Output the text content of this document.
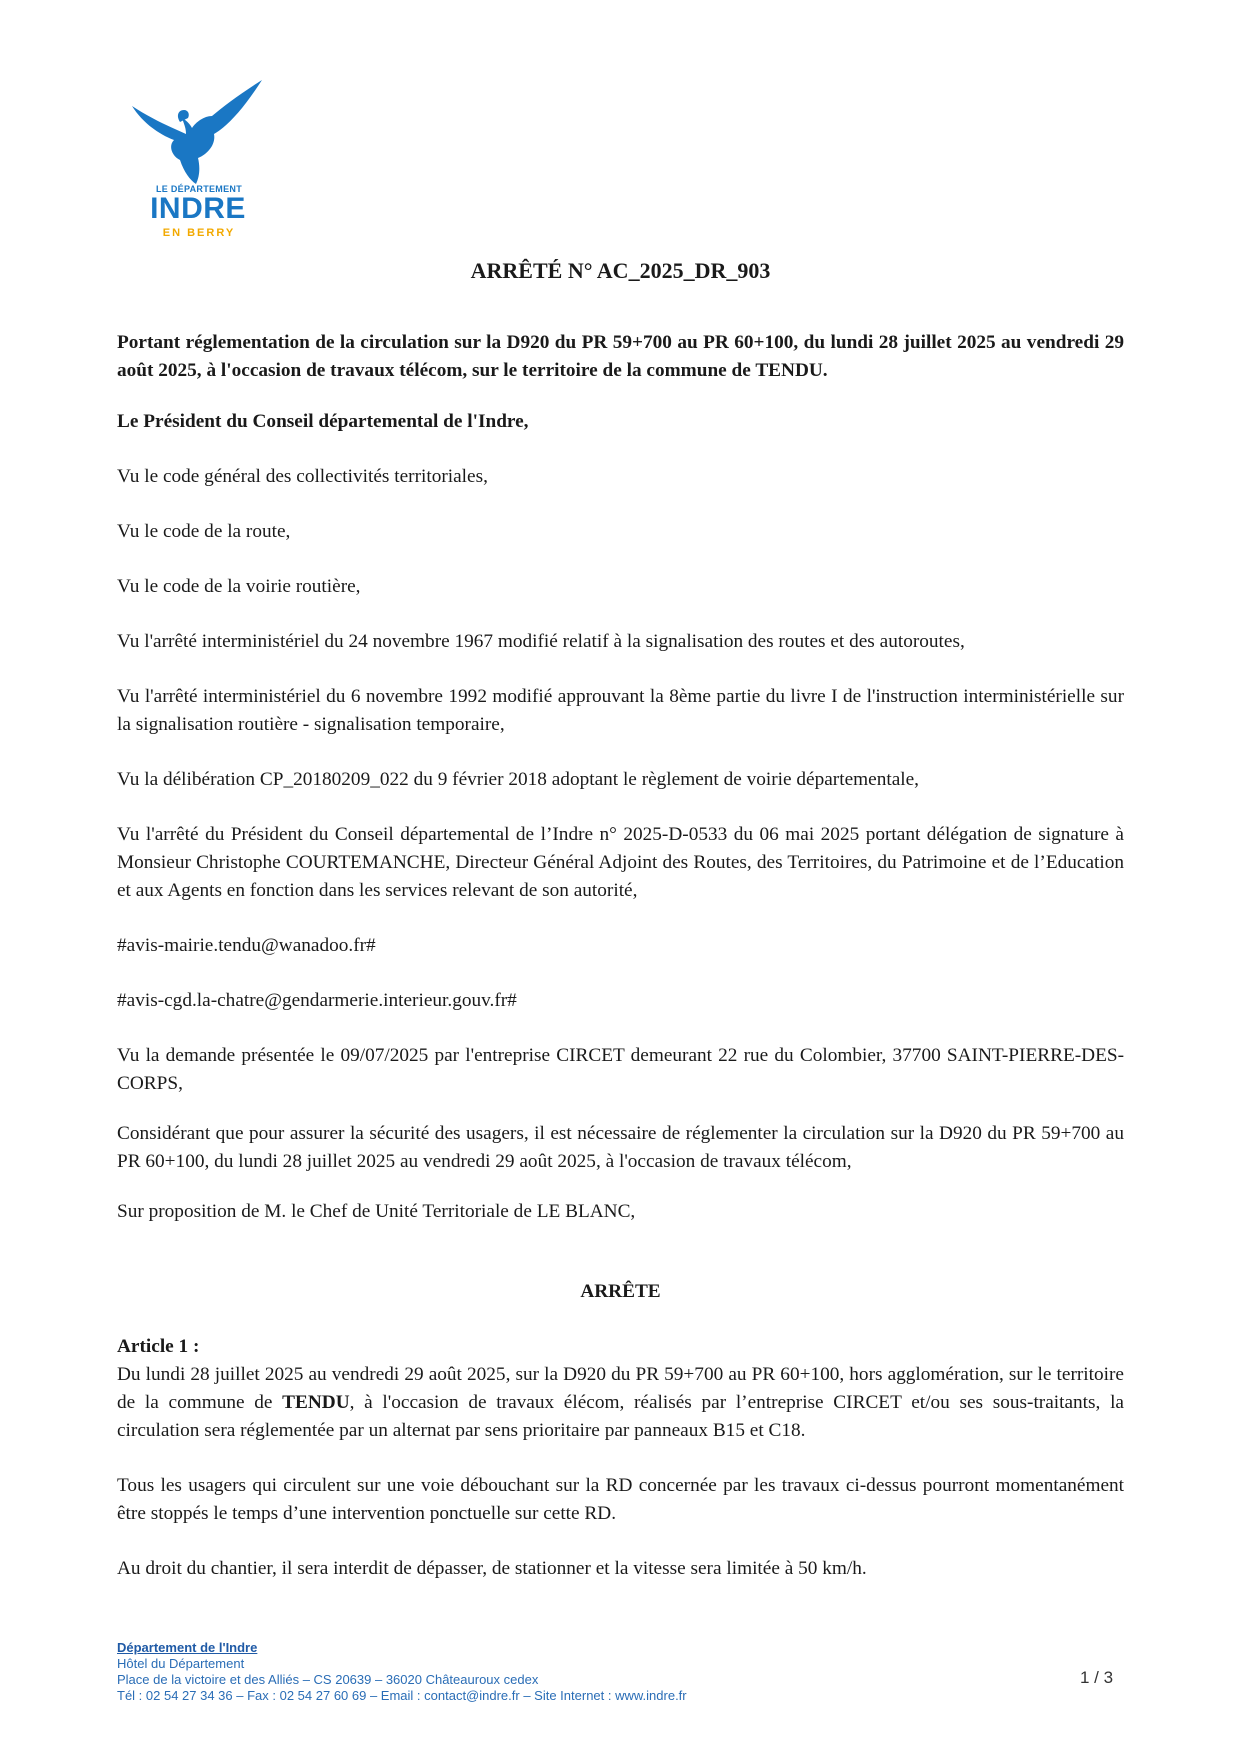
LE DÉPARTEMENT
INDRE
EN BERRY
ARRÊTÉ N° AC_2025_DR_903

Portant réglementation de la circulation sur la D920 du PR 59+700 au PR 60+100, du lundi 28 juillet 2025 au vendredi 29 août 2025, à l'occasion de travaux télécom, sur le territoire de la commune de TENDU.

Le Président du Conseil départemental de l'Indre,

Vu le code général des collectivités territoriales,

Vu le code de la route,

Vu le code de la voirie routière,

Vu l'arrêté interministériel du 24 novembre 1967 modifié relatif à la signalisation des routes et des autoroutes,

Vu l'arrêté interministériel du 6 novembre 1992 modifié approuvant la 8ème partie du livre I de l'instruction interministérielle sur la signalisation routière - signalisation temporaire,

Vu la délibération CP_20180209_022 du 9 février 2018 adoptant le règlement de voirie départementale,

Vu l'arrêté du Président du Conseil départemental de l’Indre n° 2025-D-0533 du 06 mai 2025 portant délégation de signature à Monsieur Christophe COURTEMANCHE, Directeur Général Adjoint des Routes, des Territoires, du Patrimoine et de l’Education et aux Agents en fonction dans les services relevant de son autorité,

#avis-mairie.tendu@wanadoo.fr#

#avis-cgd.la-chatre@gendarmerie.interieur.gouv.fr#

Vu la demande présentée le 09/07/2025 par l'entreprise CIRCET demeurant 22 rue du Colombier, 37700 SAINT-PIERRE-DES-CORPS,

Considérant que pour assurer la sécurité des usagers, il est nécessaire de réglementer la circulation sur la D920 du PR 59+700 au PR 60+100, du lundi 28 juillet 2025 au vendredi 29 août 2025, à l'occasion de travaux télécom,

Sur proposition de M. le Chef de Unité Territoriale de LE BLANC,

ARRÊTE

Article 1 :

Du lundi 28 juillet 2025 au vendredi 29 août 2025, sur la D920 du PR 59+700 au PR 60+100, hors agglomération, sur le territoire de la commune de TENDU, à l'occasion de travaux élécom, réalisés par l’entreprise CIRCET et/ou ses sous-traitants, la circulation sera réglementée par un alternat par sens prioritaire par panneaux B15 et C18.

Tous les usagers qui circulent sur une voie débouchant sur la RD concernée par les travaux ci-dessus pourront momentanément être stoppés le temps d’une intervention ponctuelle sur cette RD.

Au droit du chantier, il sera interdit de dépasser, de stationner et la vitesse sera limitée à 50 km/h.

Département de l'Indre
Hôtel du Département
Place de la victoire et des Alliés – CS 20639 – 36020 Châteauroux cedex
Tél : 02 54 27 34 36 – Fax : 02 54 27 60 69 – Email : contact@indre.fr – Site Internet : www.indre.fr
1 / 3
